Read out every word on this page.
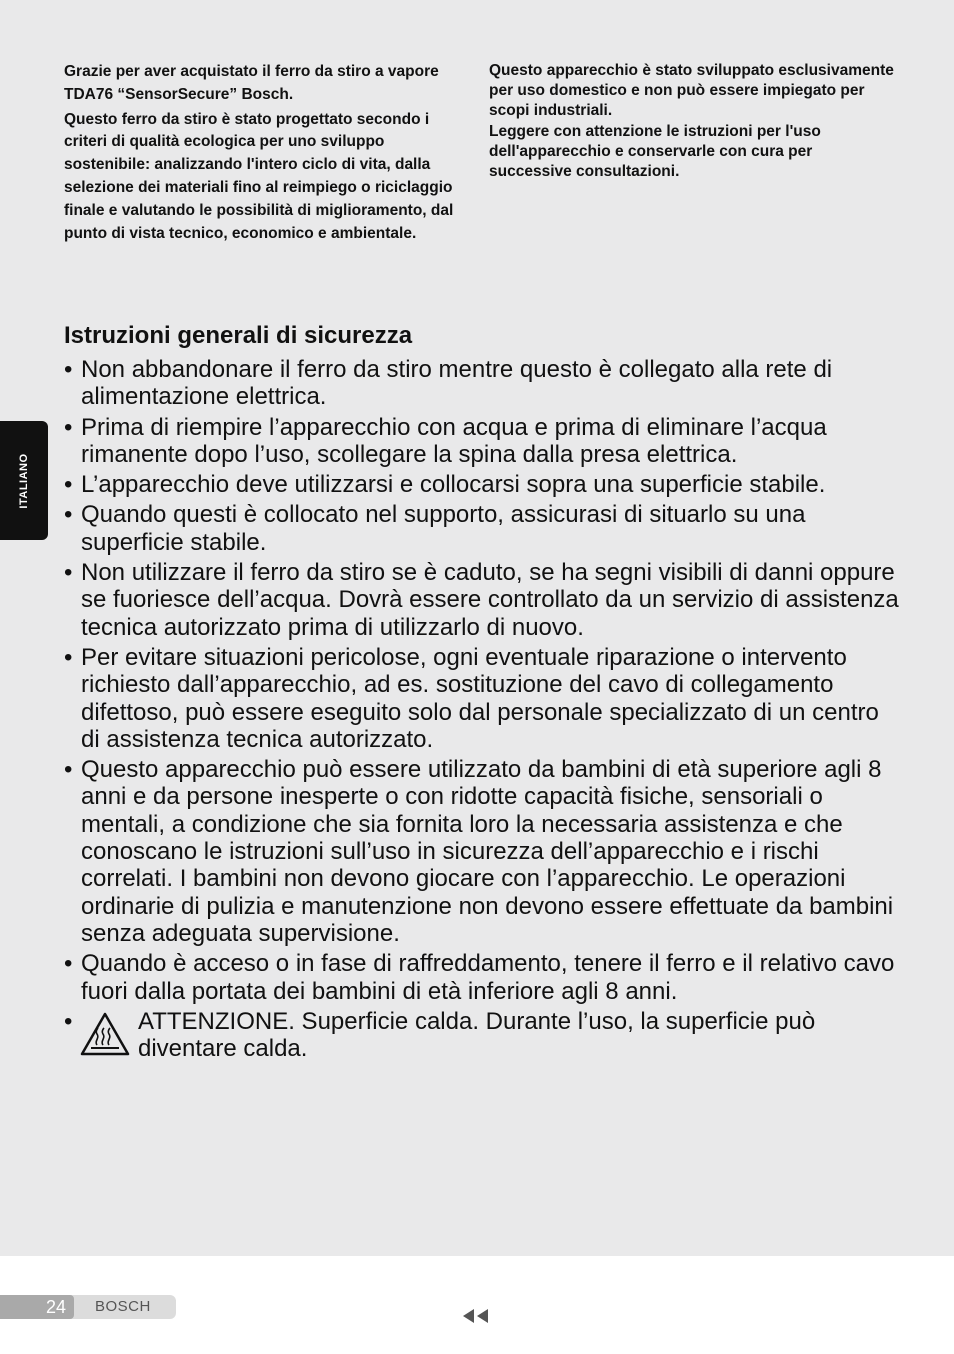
ITALIANO

Grazie per aver acquistato il ferro da stiro a vapore TDA76 “SensorSecure” Bosch.

Questo ferro da stiro è stato progettato secondo i criteri di qualità ecologica per uno sviluppo sostenibile: analizzando l'intero ciclo di vita, dalla selezione dei materiali fino al reimpiego o riciclaggio finale e valutando le possibilità di miglioramento, dal punto di vista tecnico, economico e ambientale.

Questo apparecchio è stato sviluppato esclusivamente per uso domestico e non può essere impiegato per scopi industriali.

Leggere con attenzione le istruzioni per l'uso dell'apparecchio e conservarle con cura per successive consultazioni.

Istruzioni generali di sicurezza
• Non abbandonare il ferro da stiro mentre questo è collegato alla rete di alimentazione elettrica.
• Prima di riempire l’apparecchio con acqua e prima di eliminare l’acqua rimanente dopo l’uso, scollegare la spina dalla presa elettrica.
• L’apparecchio deve utilizzarsi e collocarsi sopra una superficie stabile.
• Quando questi è collocato nel supporto, assicurasi di situarlo su una superficie stabile.
• Non utilizzare il ferro da stiro se è caduto, se ha segni visibili di danni oppure se fuoriesce dell’acqua. Dovrà essere controllato da un servizio di assistenza tecnica autorizzato prima di utilizzarlo di nuovo.
• Per evitare situazioni pericolose, ogni eventuale riparazione o intervento richiesto dall’apparecchio, ad es. sostituzione del cavo di collegamento difettoso, può essere eseguito solo dal personale specializzato di un centro di assistenza tecnica autorizzato.
• Questo apparecchio può essere utilizzato da bambini di età superiore agli 8 anni e da persone inesperte o con ridotte capacità fisiche, sensoriali o mentali, a condizione che sia fornita loro la necessaria assistenza e che conoscano le istruzioni sull’uso in sicurezza dell’apparecchio e i rischi correlati. I bambini non devono giocare con l’apparecchio. Le operazioni ordinarie di pulizia e manutenzione non devono essere effettuate da bambini senza adeguata supervisione.
• Quando è acceso o in fase di raffreddamento, tenere il ferro e il relativo cavo fuori dalla portata dei bambini di età inferiore agli 8 anni.
•	ATTENZIONE. Superficie calda. Durante l’uso, la superficie può diventare calda.
24 BOSCH
